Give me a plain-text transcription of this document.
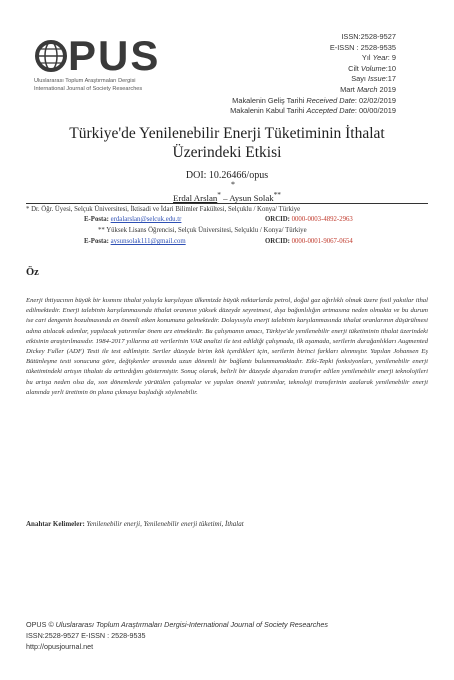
PUS
Uluslararası Toplum Araştırmaları Dergisi
International Journal of Society Researches
ISSN:2528-9527
E-ISSN : 2528-9535
Yıl Year: 9
Cilt Volume:10
Sayı Issue:17
Mart March 2019
Makalenin Geliş Tarihi Received Date: 02/02/2019
Makalenin Kabul Tarihi Accepted Date: 00/00/2019
Türkiye'de Yenilenebilir Enerji Tüketiminin İthalat
Üzerindeki Etkisi
DOI: 10.26466/opus
*
Erdal Arslan* – Aysun Solak**
* Dr. Öğr. Üyesi, Selçuk Üniversitesi, İktisadi ve İdari Bilimler Fakültesi, Selçuklu / Konya/ Türkiye
E-Posta: erdalarslan@selcuk.edu.tr	ORCID: 0000-0003-4892-2963
** Yüksek Lisans Öğrencisi, Selçuk Üniversitesi, Selçuklu / Konya/ Türkiye
E-Posta: aysunsolak111@gmail.com	ORCID: 0000-0001-9067-0654
Öz
Enerji ihtiyacının büyük bir kısmını ithalat yoluyla karşılayan ülkemizde büyük miktarlarda petrol, doğal gaz ağırlıklı olmak üzere fosil yakıtlar ithal edilmektedir. Enerji talebinin karşılanmasında ithalat oranının yüksek düzeyde seyretmesi, dışa bağımlılığın artmasına neden olmakta ve bu durum ise cari dengenin bozulmasında en önemli etken konumuna gelmektedir. Dolayısıyla enerji talebinin karşılanmasında ithalat oranlarının düşürülmesi adına atılacak adımlar, yapılacak yatırımlar önem arz etmektedir. Bu çalışmanın amacı, Türkiye'de yenilenebilir enerji tüketiminin ithalat üzerindeki etkisinin araştırılmasıdır. 1984-2017 yıllarına ait verilerinin VAR analizi ile test edildiği çalışmada, ilk aşamada, serilerin durağanlıkları Augmented Dickey Fuller (ADF) Testi ile test edilmiştir. Seriler düzeyde birim kök içerdikleri için, serilerin birinci farkları alınmıştır. Yapılan Johansen Eş Bütünleşme testi sonucuna göre, değişkenler arasında uzun dönemli bir bağlantı bulunmamaktadır. Etki-Tepki fonksiyonları, yenilenebilir enerji tüketimindeki artışın ithalatı da arttırdığını göstermiştir. Sonuç olarak, belirli bir düzeyde dışarıdan transfer edilen yenilenebilir enerji teknolojileri bu artışa neden olsa da, son dönemlerde yürütülen çalışmalar ve yapılan önemli yatırımlar, teknoloji transferinin azalarak yenilenebilir enerji alanında yerli üretimin ön plana çıkmaya başladığı söylenebilir.
Anahtar Kelimeler: Yenilenebilir enerji, Yenilenebilir enerji tüketimi, İthalat
OPUS © Uluslararası Toplum Araştırmaları Dergisi-International Journal of Society Researches
ISSN:2528-9527 E-ISSN : 2528-9535
http://opusjournal.net
